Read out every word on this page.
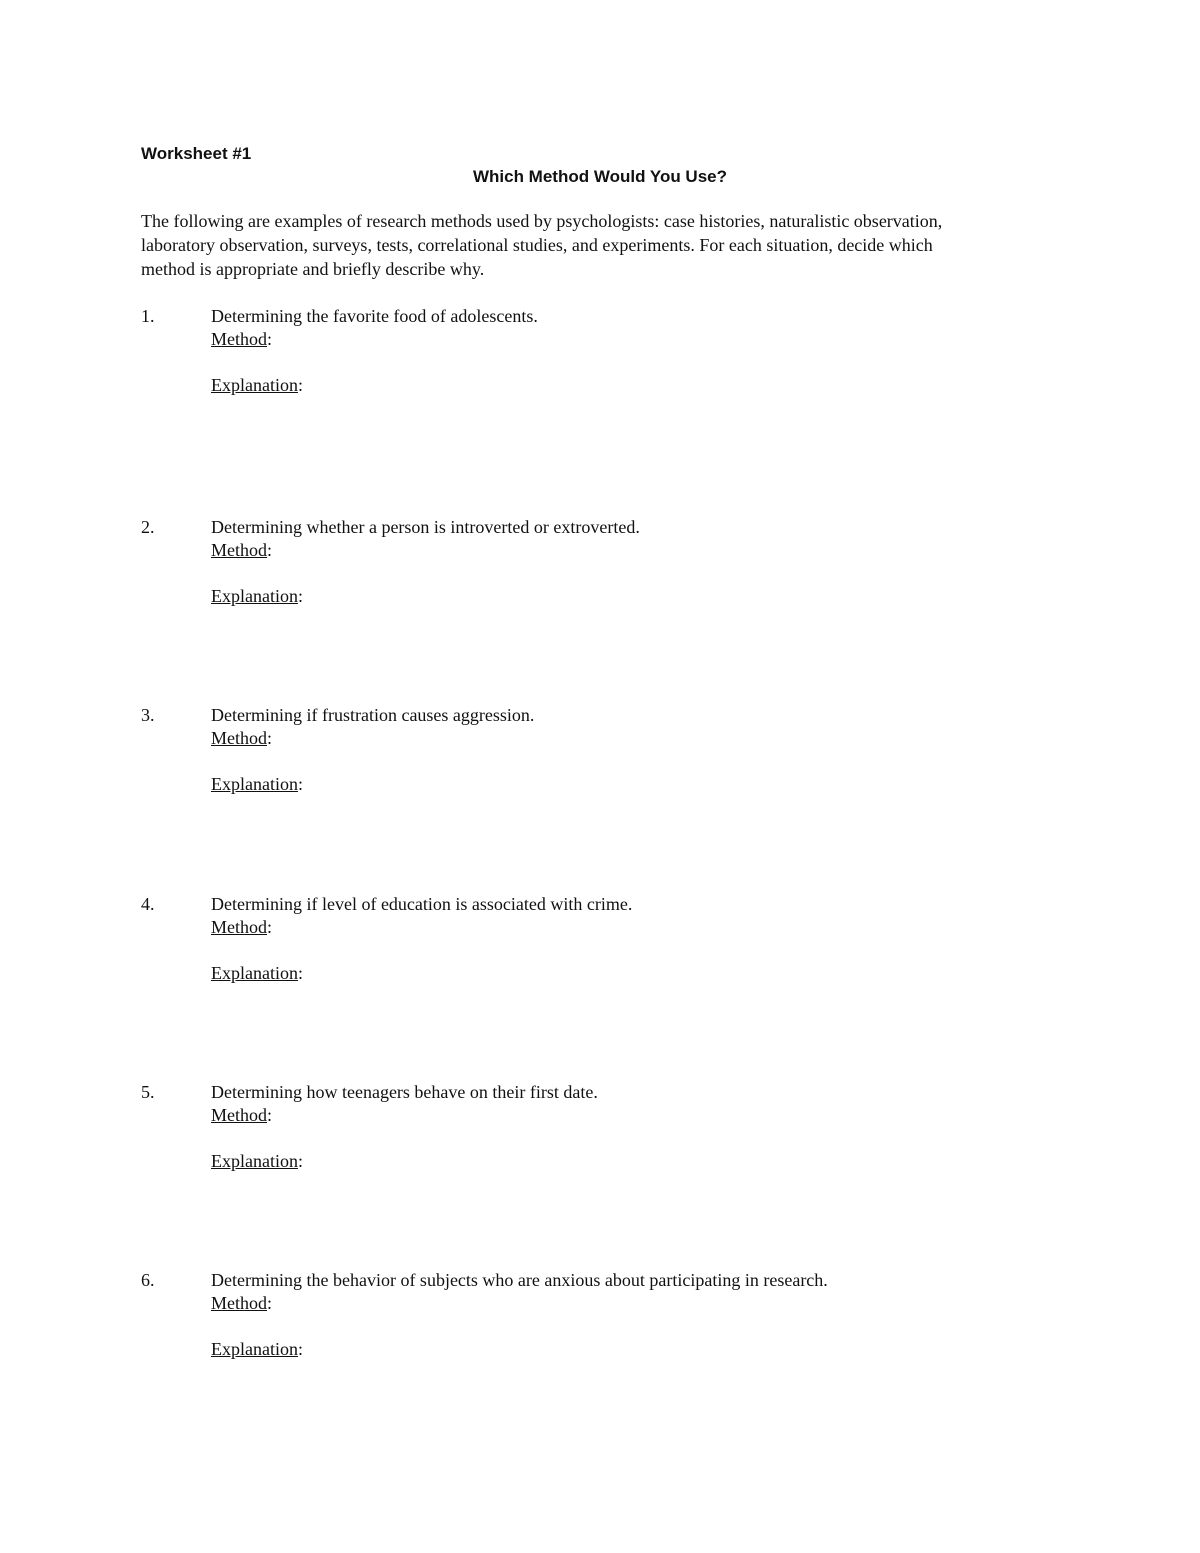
Worksheet #1
Which Method Would You Use?
The following are examples of research methods used by psychologists: case histories, naturalistic observation,
laboratory observation, surveys, tests, correlational studies, and experiments. For each situation, decide which
method is appropriate and briefly describe why.
1.	Determining the favorite food of adolescents.
Method:
Explanation:
2.	Determining whether a person is introverted or extroverted.
Method:
Explanation:
3.	Determining if frustration causes aggression.
Method:
Explanation:
4.	Determining if level of education is associated with crime.
Method:
Explanation:
5.	Determining how teenagers behave on their first date.
Method:
Explanation:
6.	Determining the behavior of subjects who are anxious about participating in research.
Method:
Explanation:
